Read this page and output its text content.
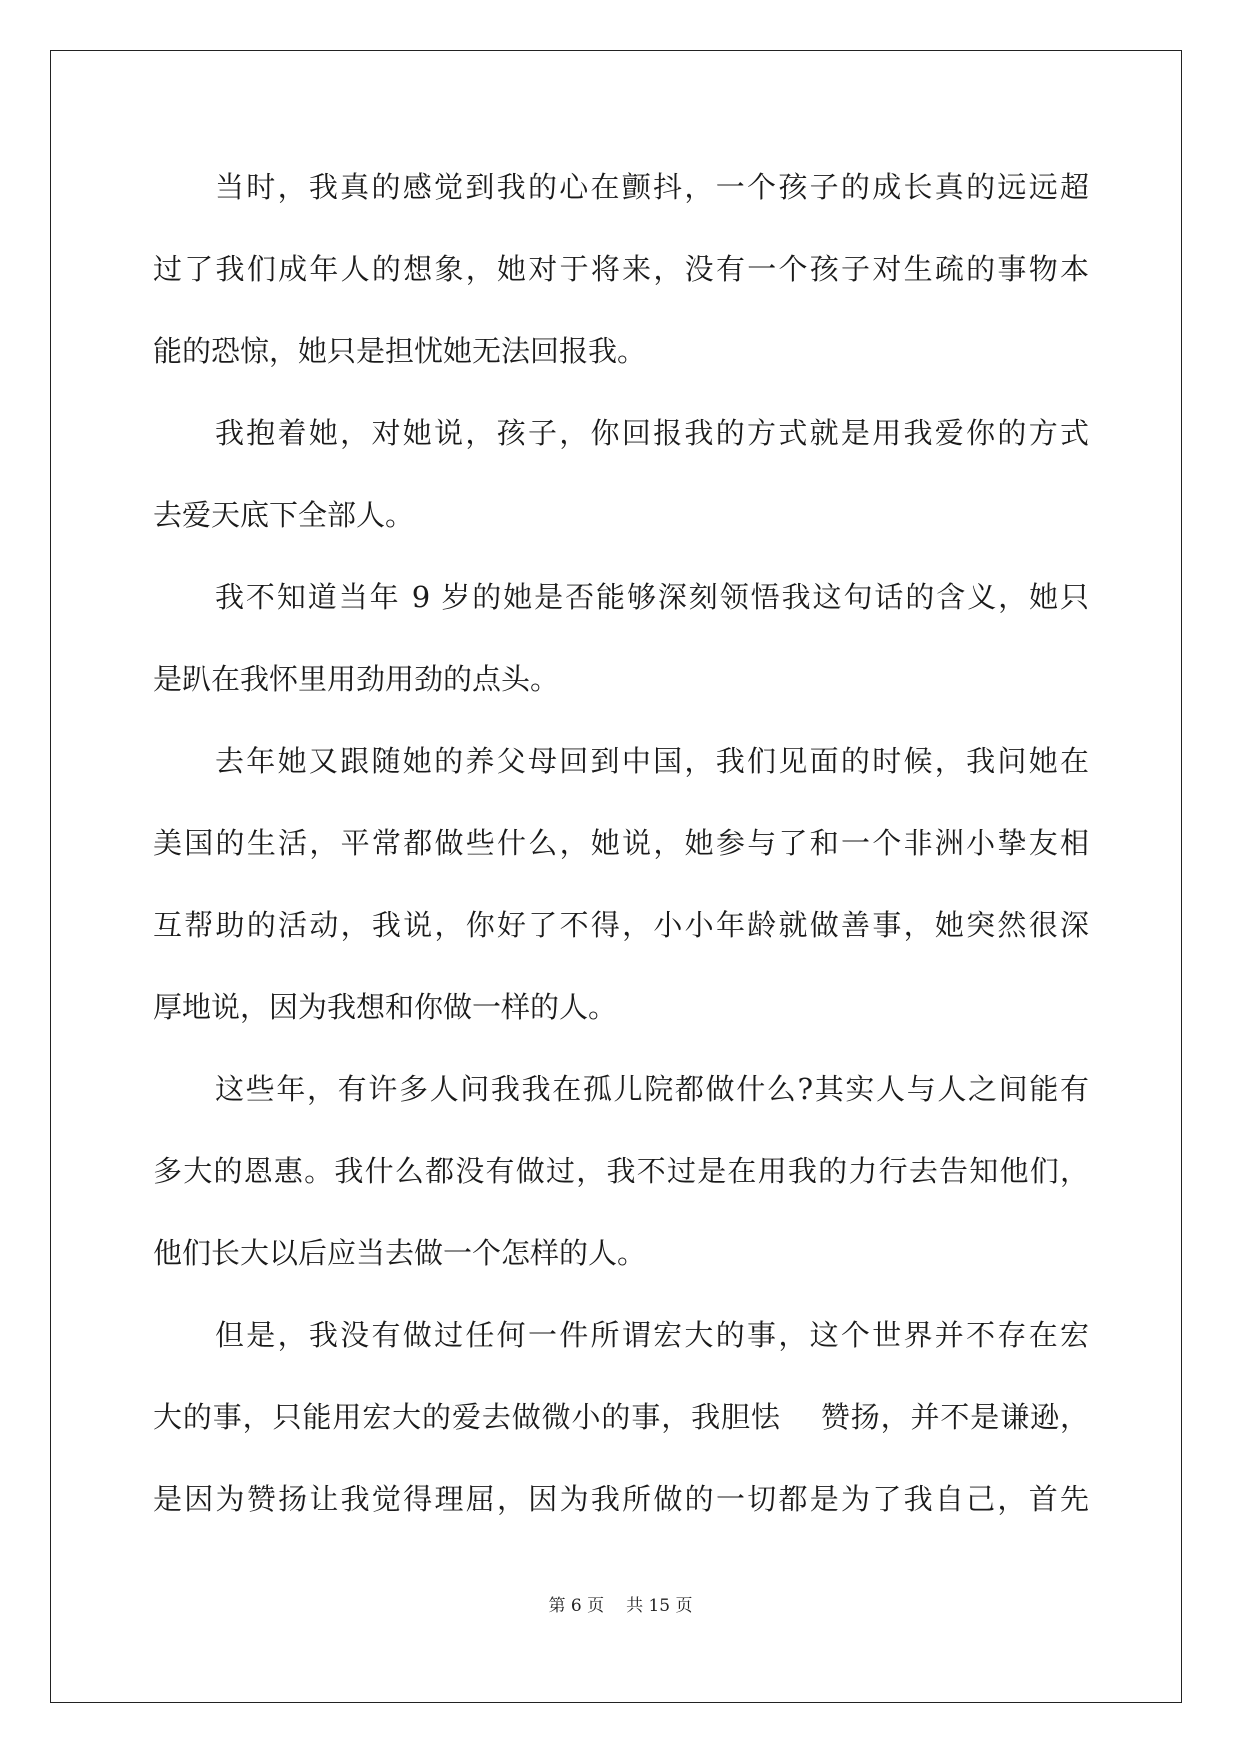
当时，我真的感觉到我的心在颤抖，一个孩子的成长真的远远超
过了我们成年人的想象，她对于将来，没有一个孩子对生疏的事物本
能的恐惊，她只是担忧她无法回报我。
我抱着她，对她说，孩子，你回报我的方式就是用我爱你的方式
去爱天底下全部人。
我不知道当年 9 岁的她是否能够深刻领悟我这句话的含义，她只
是趴在我怀里用劲用劲的点头。
去年她又跟随她的养父母回到中国，我们见面的时候，我问她在
美国的生活，平常都做些什么，她说，她参与了和一个非洲小挚友相
互帮助的活动，我说，你好了不得，小小年龄就做善事，她突然很深
厚地说，因为我想和你做一样的人。
这些年，有许多人问我我在孤儿院都做什么?其实人与人之间能有
多大的恩惠。我什么都没有做过，我不过是在用我的力行去告知他们，
他们长大以后应当去做一个怎样的人。
但是，我没有做过任何一件所谓宏大的事，这个世界并不存在宏
大的事，只能用宏大的爱去做微小的事，我胆怯　 赞扬，并不是谦逊，
是因为赞扬让我觉得理屈，因为我所做的一切都是为了我自己，首先
第 6 页 共 15 页
